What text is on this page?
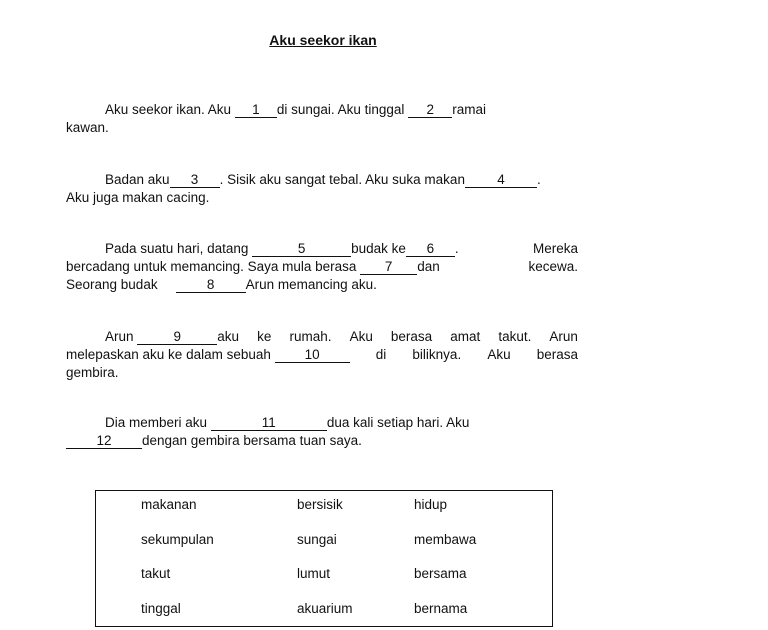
Aku seekor ikan
Aku seekor ikan. Aku 1 di sungai. Aku tinggal 2 ramai
kawan.
Badan aku 3 . Sisik aku sangat tebal. Aku suka makan 4 .
Aku juga makan cacing.
Pada suatu hari, datang	5	budak ke 6 .	Mereka
bercadang untuk memancing. Saya mula berasa 7 dan	kecewa.
Seorang budak	8 Arun memancing aku.
Arun	9	aku ke rumah. Aku berasa amat takut. Arun
melepaskan aku ke dalam sebuah	10	di biliknya. Aku berasa
gembira.
Dia memberi aku	11	dua kali setiap hari. Aku
12 dengan gembira bersama tuan saya.
makanan	bersisik	hidup
sekumpulan	sungai	membawa
takut	lumut	bersama
tinggal	akuarium	bernama
